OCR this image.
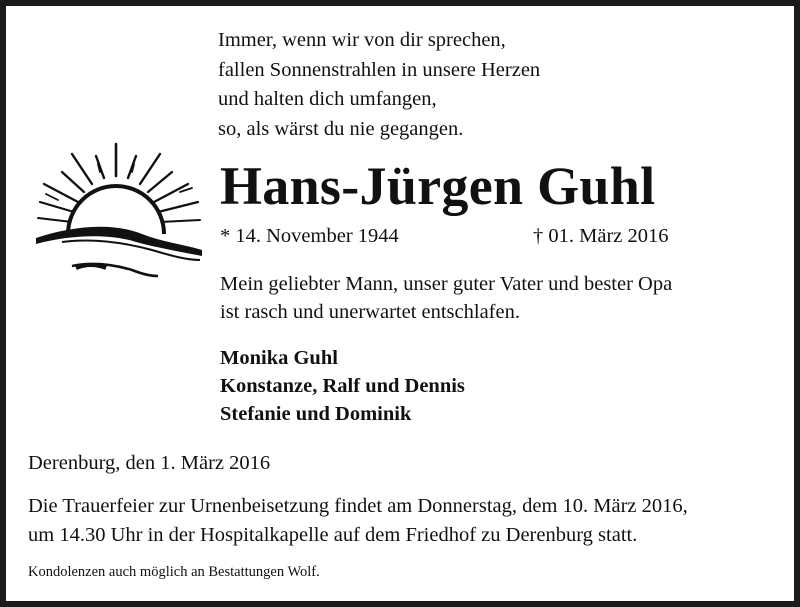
Immer, wenn wir von dir sprechen,
fallen Sonnenstrahlen in unsere Herzen
und halten dich umfangen,
so, als wärst du nie gegangen.
Hans-Jürgen Guhl
* 14. November 1944	† 01. März 2016
Mein geliebter Mann, unser guter Vater und bester Opa
ist rasch und unerwartet entschlafen.
Monika Guhl
Konstanze, Ralf und Dennis
Stefanie und Dominik
Derenburg, den 1. März 2016
Die Trauerfeier zur Urnenbeisetzung findet am Donnerstag, dem 10. März 2016,
um 14.30 Uhr in der Hospitalkapelle auf dem Friedhof zu Derenburg statt.
Kondolenzen auch möglich an Bestattungen Wolf.
